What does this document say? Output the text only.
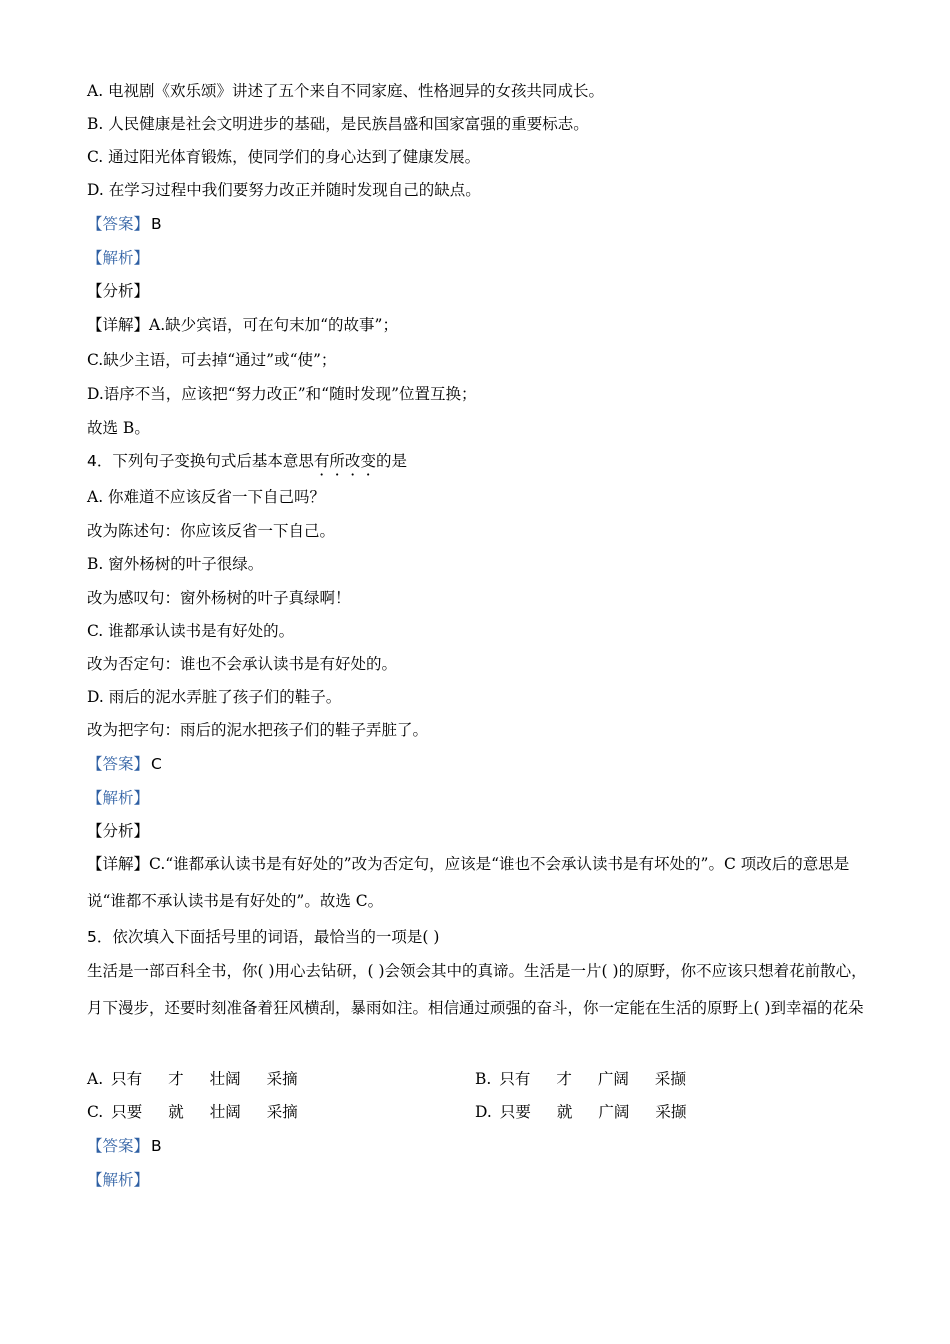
A. 电视剧《欢乐颂》讲述了五个来自不同家庭、性格迥异的女孩共同成长。
B. 人民健康是社会文明进步的基础，是民族昌盛和国家富强的重要标志。
C. 通过阳光体育锻炼，使同学们的身心达到了健康发展。
D. 在学习过程中我们要努力改正并随时发现自己的缺点。
【答案】 B
【解析】
【分析】
【详解】A.缺少宾语，可在句末加“的故事”；
C.缺少主语，可去掉“通过”或“使”；
D.语序不当，应该把“努力改正”和“随时发现”位置互换；
故选 B。
4．下列句子变换句式后基本意思有所改变的是
A. 你难道不应该反省一下自己吗？
改为陈述句：你应该反省一下自己。
B. 窗外杨树的叶子很绿。
改为感叹句：窗外杨树的叶子真绿啊！
C. 谁都承认读书是有好处的。
改为否定句：谁也不会承认读书是有好处的。
D. 雨后的泥水弄脏了孩子们的鞋子。
改为把字句：雨后的泥水把孩子们的鞋子弄脏了。
【答案】 C
【解析】
【分析】
【详解】C.“谁都承认读书是有好处的”改为否定句，应该是“谁也不会承认读书是有坏处的”。C 项改后的意思是说“谁都不承认读书是有好处的”。故选 C。
5．依次填入下面括号里的词语，最恰当的一项是( )
生活是一部百科全书，你( )用心去钻研，( )会领会其中的真谛。生活是一片( )的原野，你不应该只想着花前散心，月下漫步，还要时刻准备着狂风横刮，暴雨如注。相信通过顽强的奋斗，你一定能在生活的原野上( )到幸福的花朵
A. 只有 才 壮阔 采摘	B. 只有 才 广阔 采撷
C. 只要 就 壮阔 采摘	D. 只要 就 广阔 采撷
【答案】 B
【解析】
